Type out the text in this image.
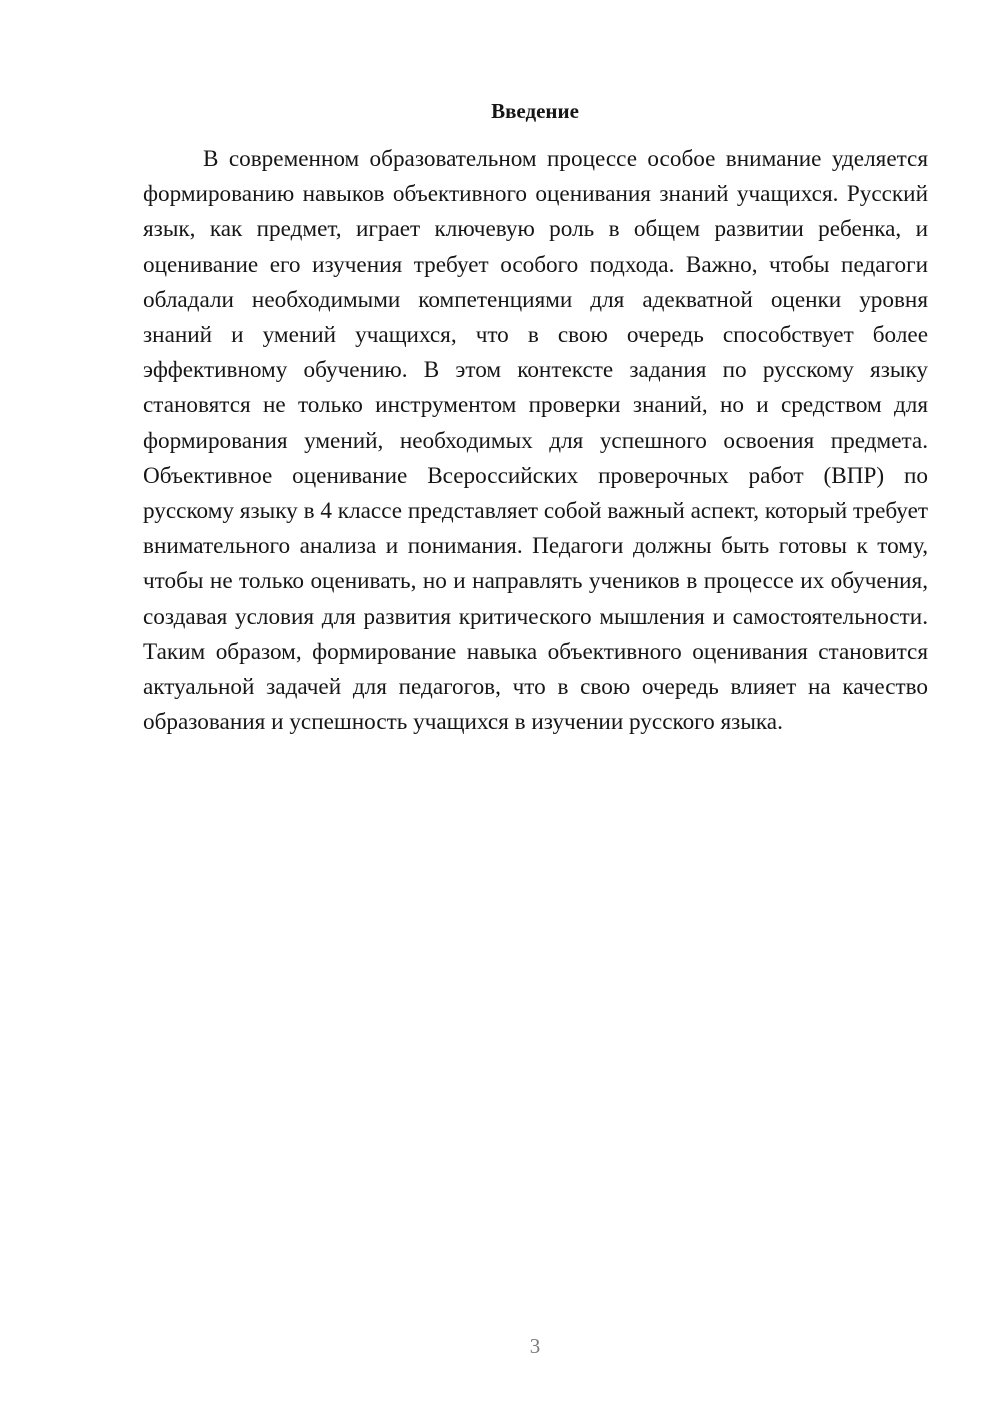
Введение

В современном образовательном процессе особое внимание уделяется формированию навыков объективного оценивания знаний учащихся. Русский язык, как предмет, играет ключевую роль в общем развитии ребенка, и оценивание его изучения требует особого подхода. Важно, чтобы педагоги обладали необходимыми компетенциями для адекватной оценки уровня знаний и умений учащихся, что в свою очередь способствует более эффективному обучению. В этом контексте задания по русскому языку становятся не только инструментом проверки знаний, но и средством для формирования умений, необходимых для успешного освоения предмета. Объективное оценивание Всероссийских проверочных работ (ВПР) по русскому языку в 4 классе представляет собой важный аспект, который требует внимательного анализа и понимания. Педагоги должны быть готовы к тому, чтобы не только оценивать, но и направлять учеников в процессе их обучения, создавая условия для развития критического мышления и самостоятельности. Таким образом, формирование навыка объективного оценивания становится актуальной задачей для педагогов, что в свою очередь влияет на качество образования и успешность учащихся в изучении русского языка.

3
